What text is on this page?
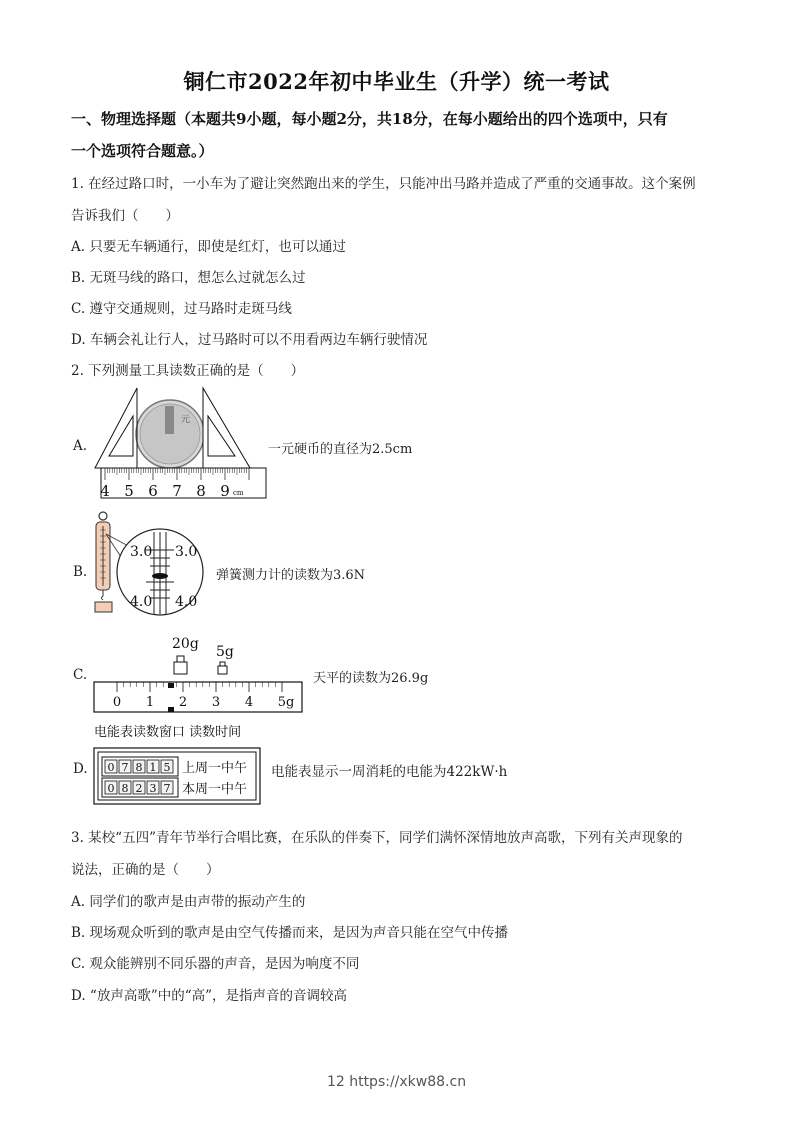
铜仁市2022年初中毕业生（升学）统一考试
一、物理选择题（本题共9小题，每小题2分，共18分，在每小题给出的四个选项中，只有
一个选项符合题意。）
1. 在经过路口时，一小车为了避让突然跑出来的学生，只能冲出马路并造成了严重的交通事故。这个案例
告诉我们（　　）
A. 只要无车辆通行，即使是红灯，也可以通过
B. 无斑马线的路口，想怎么过就怎么过
C. 遵守交通规则，过马路时走斑马线
D. 车辆会礼让行人，过马路时可以不用看两边车辆行驶情况
2. 下列测量工具读数正确的是（　　）
A.
元
4 5 6 7 8 9 cm
一元硬币的直径为2.5cm
B.
3.0 3.0
4.0 4.0
弹簧测力计的读数为3.6N
C.
20g 5g
0 1 2 3 4 5g
天平的读数为26.9g
电能表读数窗口 读数时间
0 7 8 1 5
0 8 2 3 7
上周一中午
本周一中午
D.	电能表显示一周消耗的电能为422kW·h
3. 某校“五四”青年节举行合唱比赛，在乐队的伴奏下，同学们满怀深情地放声高歌，下列有关声现象的
说法，正确的是（　　）
A. 同学们的歌声是由声带的振动产生的
B. 现场观众听到的歌声是由空气传播而来，是因为声音只能在空气中传播
C. 观众能辨别不同乐器的声音，是因为响度不同
D. “放声高歌”中的“高”，是指声音的音调较高
12 https://xkw88.cn
